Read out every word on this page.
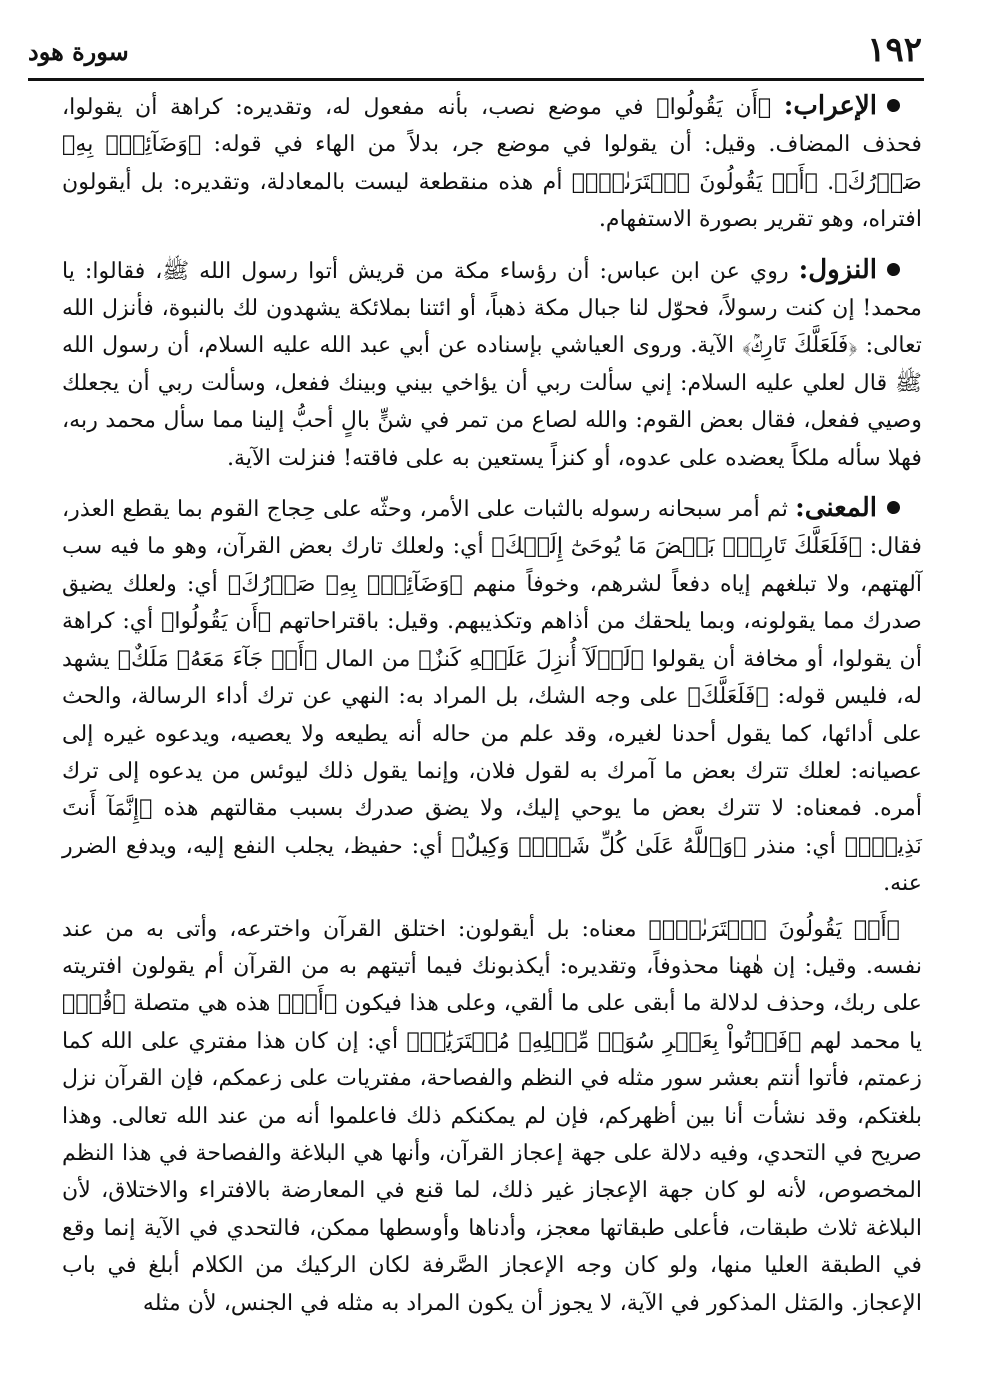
١٩٢
سورة هود

الإعراب: ﴿أَن يَقُولُوا﴾ في موضع نصب، بأنه مفعول له، وتقديره: كراهة أن يقولوا، فحذف المضاف. وقيل: أن يقولوا في موضع جر، بدلاً من الهاء في قوله: ﴿وَضَآئِقٌۢ بِهِۦ صَدۡرُكَ﴾. ﴿أَمۡ يَقُولُونَ ٱفۡتَرَىٰهُۖ﴾ أم هذه منقطعة ليست بالمعادلة، وتقديره: بل أيقولون افتراه، وهو تقرير بصورة الاستفهام.

النزول: روي عن ابن عباس: أن رؤساء مكة من قريش أتوا رسول الله ﷺ، فقالوا: يا محمد! إن كنت رسولاً، فحوّل لنا جبال مكة ذهباً، أو ائتنا بملائكة يشهدون لك بالنبوة، فأنزل الله تعالى: ﴿فَلَعَلَّكَ تَارِكُۢ﴾ الآية. وروى العياشي بإسناده عن أبي عبد الله عليه السلام، أن رسول الله ﷺ قال لعلي عليه السلام: إني سألت ربي أن يؤاخي بيني وبينك ففعل، وسألت ربي أن يجعلك وصيي ففعل، فقال بعض القوم: والله لصاع من تمر في شنٍّ بالٍ أحبُّ إلينا مما سأل محمد ربه، فهلا سأله ملكاً يعضده على عدوه، أو كنزاً يستعين به على فاقته! فنزلت الآية.

المعنى: ثم أمر سبحانه رسوله بالثبات على الأمر، وحثّه على حِجاج القوم بما يقطع العذر، فقال: ﴿فَلَعَلَّكَ تَارِكُۢ بَعۡضَ مَا يُوحَىٰٓ إِلَيۡكَ﴾ أي: ولعلك تارك بعض القرآن، وهو ما فيه سب آلهتهم، ولا تبلغهم إياه دفعاً لشرهم، وخوفاً منهم ﴿وَضَآئِقٌۢ بِهِۦ صَدۡرُكَ﴾ أي: ولعلك يضيق صدرك مما يقولونه، وبما يلحقك من أذاهم وتكذيبهم. وقيل: باقتراحاتهم ﴿أَن يَقُولُوا﴾ أي: كراهة أن يقولوا، أو مخافة أن يقولوا ﴿لَوۡلَآ أُنزِلَ عَلَيۡهِ كَنزٌ﴾ من المال ﴿أَوۡ جَآءَ مَعَهُۥ مَلَكٌ﴾ يشهد له، فليس قوله: ﴿فَلَعَلَّكَ﴾ على وجه الشك، بل المراد به: النهي عن ترك أداء الرسالة، والحث على أدائها، كما يقول أحدنا لغيره، وقد علم من حاله أنه يطيعه ولا يعصيه، ويدعوه غيره إلى عصيانه: لعلك تترك بعض ما آمرك به لقول فلان، وإنما يقول ذلك ليوئس من يدعوه إلى ترك أمره. فمعناه: لا تترك بعض ما يوحي إليك، ولا يضق صدرك بسبب مقالتهم هذه ﴿إِنَّمَآ أَنتَ نَذِيرٌۚ﴾ أي: منذر ﴿وَٱللَّهُ عَلَىٰ كُلِّ شَيۡءٖ وَكِيلٌ﴾ أي: حفيظ، يجلب النفع إليه، ويدفع الضرر عنه.

﴿أَمۡ يَقُولُونَ ٱفۡتَرَىٰهُۖ﴾ معناه: بل أيقولون: اختلق القرآن واخترعه، وأتى به من عند نفسه. وقيل: إن هٰهنا محذوفاً، وتقديره: أيكذبونك فيما أتيتهم به من القرآن أم يقولون افتريته على ربك، وحذف لدلالة ما أبقى على ما ألقي، وعلى هذا فيكون ﴿أَمۡ﴾ هذه هي متصلة ﴿قُلۡ﴾ يا محمد لهم ﴿فَأۡتُواْ بِعَشۡرِ سُوَرٖ مِّثۡلِهِۦ مُفۡتَرَيَٰتٖ﴾ أي: إن كان هذا مفتري على الله كما زعمتم، فأتوا أنتم بعشر سور مثله في النظم والفصاحة، مفتريات على زعمكم، فإن القرآن نزل بلغتكم، وقد نشأت أنا بين أظهركم، فإن لم يمكنكم ذلك فاعلموا أنه من عند الله تعالى. وهذا صريح في التحدي، وفيه دلالة على جهة إعجاز القرآن، وأنها هي البلاغة والفصاحة في هذا النظم المخصوص، لأنه لو كان جهة الإعجاز غير ذلك، لما قنع في المعارضة بالافتراء والاختلاق، لأن البلاغة ثلاث طبقات، فأعلى طبقاتها معجز، وأدناها وأوسطها ممكن، فالتحدي في الآية إنما وقع في الطبقة العليا منها، ولو كان وجه الإعجاز الصَّرفة لكان الركيك من الكلام أبلغ في باب الإعجاز. والمَثل المذكور في الآية، لا يجوز أن يكون المراد به مثله في الجنس، لأن مثله
